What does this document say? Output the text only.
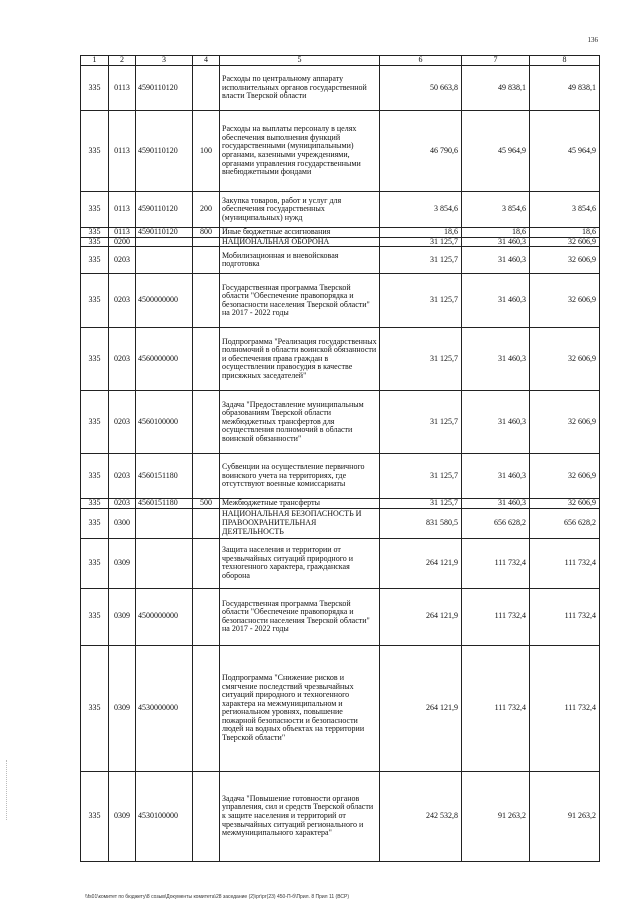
136
1	2	3	4	5	6	7	8
335	0113	4590110120		Расходы по центральному аппарату исполнительных органов государственной власти Тверской области	50 663,8	49 838,1	49 838,1
335	0113	4590110120	100	Расходы на выплаты персоналу в целях обеспечения выполнения функций государственными (муниципальными) органами, казенными учреждениями, органами управления государственными внебюджетными фондами	46 790,6	45 964,9	45 964,9
335	0113	4590110120	200	Закупка товаров, работ и услуг для обеспечения государственных (муниципальных) нужд	3 854,6	3 854,6	3 854,6
335	0113	4590110120	800	Иные бюджетные ассигнования	18,6	18,6	18,6
335	0200			НАЦИОНАЛЬНАЯ ОБОРОНА	31 125,7	31 460,3	32 606,9
335	0203			Мобилизационная и вневойсковая подготовка	31 125,7	31 460,3	32 606,9
335	0203	4500000000		Государственная программа Тверской области "Обеспечение правопорядка и безопасности населения Тверской области" на 2017 - 2022 годы	31 125,7	31 460,3	32 606,9
335	0203	4560000000		Подпрограмма "Реализация государственных полномочий в области воинской обязанности и обеспечения права граждан в осуществлении правосудия в качестве присяжных заседателей"	31 125,7	31 460,3	32 606,9
335	0203	4560100000		Задача "Предоставление муниципальным образованиям Тверской области межбюджетных трансфертов для осуществления полномочий в области воинской обязанности"	31 125,7	31 460,3	32 606,9
335	0203	4560151180		Субвенции на осуществление первичного воинского учета на территориях, где отсутствуют военные комиссариаты	31 125,7	31 460,3	32 606,9
335	0203	4560151180	500	Межбюджетные трансферты	31 125,7	31 460,3	32 606,9
335	0300			НАЦИОНАЛЬНАЯ БЕЗОПАСНОСТЬ И ПРАВООХРАНИТЕЛЬНАЯ ДЕЯТЕЛЬНОСТЬ	831 580,5	656 628,2	656 628,2
335	0309			Защита населения и территории от чрезвычайных ситуаций природного и техногенного характера, гражданская оборона	264 121,9	111 732,4	111 732,4
335	0309	4500000000		Государственная программа Тверской области "Обеспечение правопорядка и безопасности населения Тверской области" на 2017 - 2022 годы	264 121,9	111 732,4	111 732,4
335	0309	4530000000		Подпрограмма "Снижение рисков и смягчение последствий чрезвычайных ситуаций природного и техногенного характера на межмуниципальном и региональном уровнях, повышение пожарной безопасности и безопасности людей на водных объектах на территории Тверской области"	264 121,9	111 732,4	111 732,4
335	0309	4530100000		Задача "Повышение готовности органов управления, сил и средств Тверской области к защите населения и территорий от чрезвычайных ситуаций регионального и межмуниципального характера"	242 532,8	91 263,2	91 263,2
\\fs01\комитет по бюджету\8 созыв\Документы комитета\28 заседание (2)\рг\рг(23) 450-П-б\Прил. 8 Прил 11 (ВСР)
